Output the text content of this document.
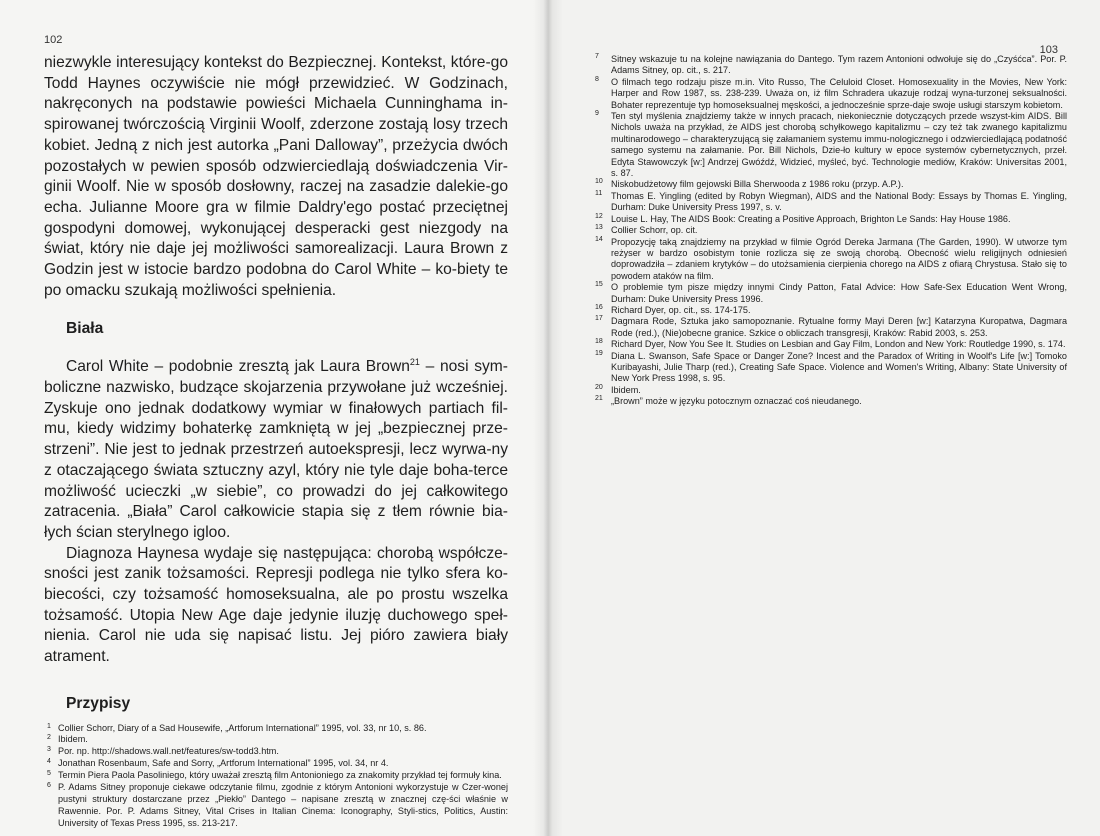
102

niezwykle interesujący kontekst do Bezpiecznej. Kontekst, które-go Todd Haynes oczywiście nie mógł przewidzieć. W Godzinach, nakręconych na podstawie powieści Michaela Cunninghama in-spirowanej twórczością Virginii Woolf, zderzone zostają losy trzech kobiet. Jedną z nich jest autorka „Pani Dalloway”, przeżycia dwóch pozostałych w pewien sposób odzwierciedlają doświadczenia Vir-ginii Woolf. Nie w sposób dosłowny, raczej na zasadzie dalekie-go echa. Julianne Moore gra w filmie Daldry'ego postać przeciętnej gospodyni domowej, wykonującej desperacki gest niezgody na świat, który nie daje jej możliwości samorealizacji. Laura Brown z Godzin jest w istocie bardzo podobna do Carol White – ko-biety te po omacku szukają możliwości spełnienia.

Biała

Carol White – podobnie zresztą jak Laura Brown$^{21}$ – nosi sym-boliczne nazwisko, budzące skojarzenia przywołane już wcześniej. Zyskuje ono jednak dodatkowy wymiar w finałowych partiach fil-mu, kiedy widzimy bohaterkę zamkniętą w jej „bezpiecznej prze-strzeni”. Nie jest to jednak przestrzeń autoekspresji, lecz wyrwa-ny z otaczającego świata sztuczny azyl, który nie tyle daje boha-terce możliwość ucieczki „w siebie”, co prowadzi do jej całkowitego zatracenia. „Biała” Carol całkowicie stapia się z tłem równie bia-łych ścian sterylnego igloo.

Diagnoza Haynesa wydaje się następująca: chorobą współcze-sności jest zanik tożsamości. Represji podlega nie tylko sfera ko-biecości, czy tożsamość homoseksualna, ale po prostu wszelka tożsamość. Utopia New Age daje jedynie iluzję duchowego speł-nienia. Carol nie uda się napisać listu. Jej pióro zawiera biały atrament.

Przypisy
1 Collier Schorr, Diary of a Sad Housewife, „Artforum International” 1995, vol. 33, nr 10, s. 86.
2 Ibidem.
3 Por. np. http://shadows.wall.net/features/sw-todd3.htm.
4 Jonathan Rosenbaum, Safe and Sorry, „Artforum International” 1995, vol. 34, nr 4.
5 Termin Piera Paola Pasoliniego, który uważał zresztą film Antonioniego za znakomity przykład tej formuły kina.
6 P. Adams Sitney proponuje ciekawe odczytanie filmu, zgodnie z którym Antonioni wykorzystuje w Czer-wonej pustyni struktury dostarczane przez „Piekło” Dantego – napisane zresztą w znacznej czę-ści właśnie w Rawennie. Por. P. Adams Sitney, Vital Crises in Italian Cinema: Iconography, Styli-stics, Politics, Austin: University of Texas Press 1995, ss. 213-217.
103
7 Sitney wskazuje tu na kolejne nawiązania do Dantego. Tym razem Antonioni odwołuje się do „Czyśćca”. Por. P. Adams Sitney, op. cit., s. 217.
8 O filmach tego rodzaju pisze m.in. Vito Russo, The Celuloid Closet. Homosexuality in the Movies, New York: Harper and Row 1987, ss. 238-239. Uważa on, iż film Schradera ukazuje rodzaj wyna-turzonej seksualności. Bohater reprezentuje typ homoseksualnej męskości, a jednocześnie sprze-daje swoje usługi starszym kobietom.
9 Ten styl myślenia znajdziemy także w innych pracach, niekoniecznie dotyczących przede wszyst-kim AIDS. Bill Nichols uważa na przykład, że AIDS jest chorobą schyłkowego kapitalizmu – czy też tak zwanego kapitalizmu multinarodowego – charakteryzującą się załamaniem systemu immu-nologicznego i odzwierciedlającą podatność samego systemu na załamanie. Por. Bill Nichols, Dzie-ło kultury w epoce systemów cybernetycznych, przeł. Edyta Stawowczyk [w:] Andrzej Gwóźdź, Widzieć, myśleć, być. Technologie mediów, Kraków: Universitas 2001, s. 87.
10 Niskobudżetowy film gejowski Billa Sherwooda z 1986 roku (przyp. A.P.).
11 Thomas E. Yingling (edited by Robyn Wiegman), AIDS and the National Body: Essays by Thomas E. Yingling, Durham: Duke University Press 1997, s. v.
12 Louise L. Hay, The AIDS Book: Creating a Positive Approach, Brighton Le Sands: Hay House 1986.
13 Collier Schorr, op. cit.
14 Propozycję taką znajdziemy na przykład w filmie Ogród Dereka Jarmana (The Garden, 1990). W utworze tym reżyser w bardzo osobistym tonie rozlicza się ze swoją chorobą. Obecność wielu religijnych odniesień doprowadziła – zdaniem krytyków – do utożsamienia cierpienia chorego na AIDS z ofiarą Chrystusa. Stało się to powodem ataków na film.
15 O problemie tym pisze między innymi Cindy Patton, Fatal Advice: How Safe-Sex Education Went Wrong, Durham: Duke University Press 1996.
16 Richard Dyer, op. cit., ss. 174-175.
17 Dagmara Rode, Sztuka jako samopoznanie. Rytualne formy Mayi Deren [w:] Katarzyna Kuropatwa, Dagmara Rode (red.), (Nie)obecne granice. Szkice o obliczach transgresji, Kraków: Rabid 2003, s. 253.
18 Richard Dyer, Now You See It. Studies on Lesbian and Gay Film, London and New York: Routledge 1990, s. 174.
19 Diana L. Swanson, Safe Space or Danger Zone? Incest and the Paradox of Writing in Woolf's Life [w:] Tomoko Kuribayashi, Julie Tharp (red.), Creating Safe Space. Violence and Women's Writing, Albany: State University of New York Press 1998, s. 95.
20 Ibidem.
21 „Brown” może w języku potocznym oznaczać coś nieudanego.
